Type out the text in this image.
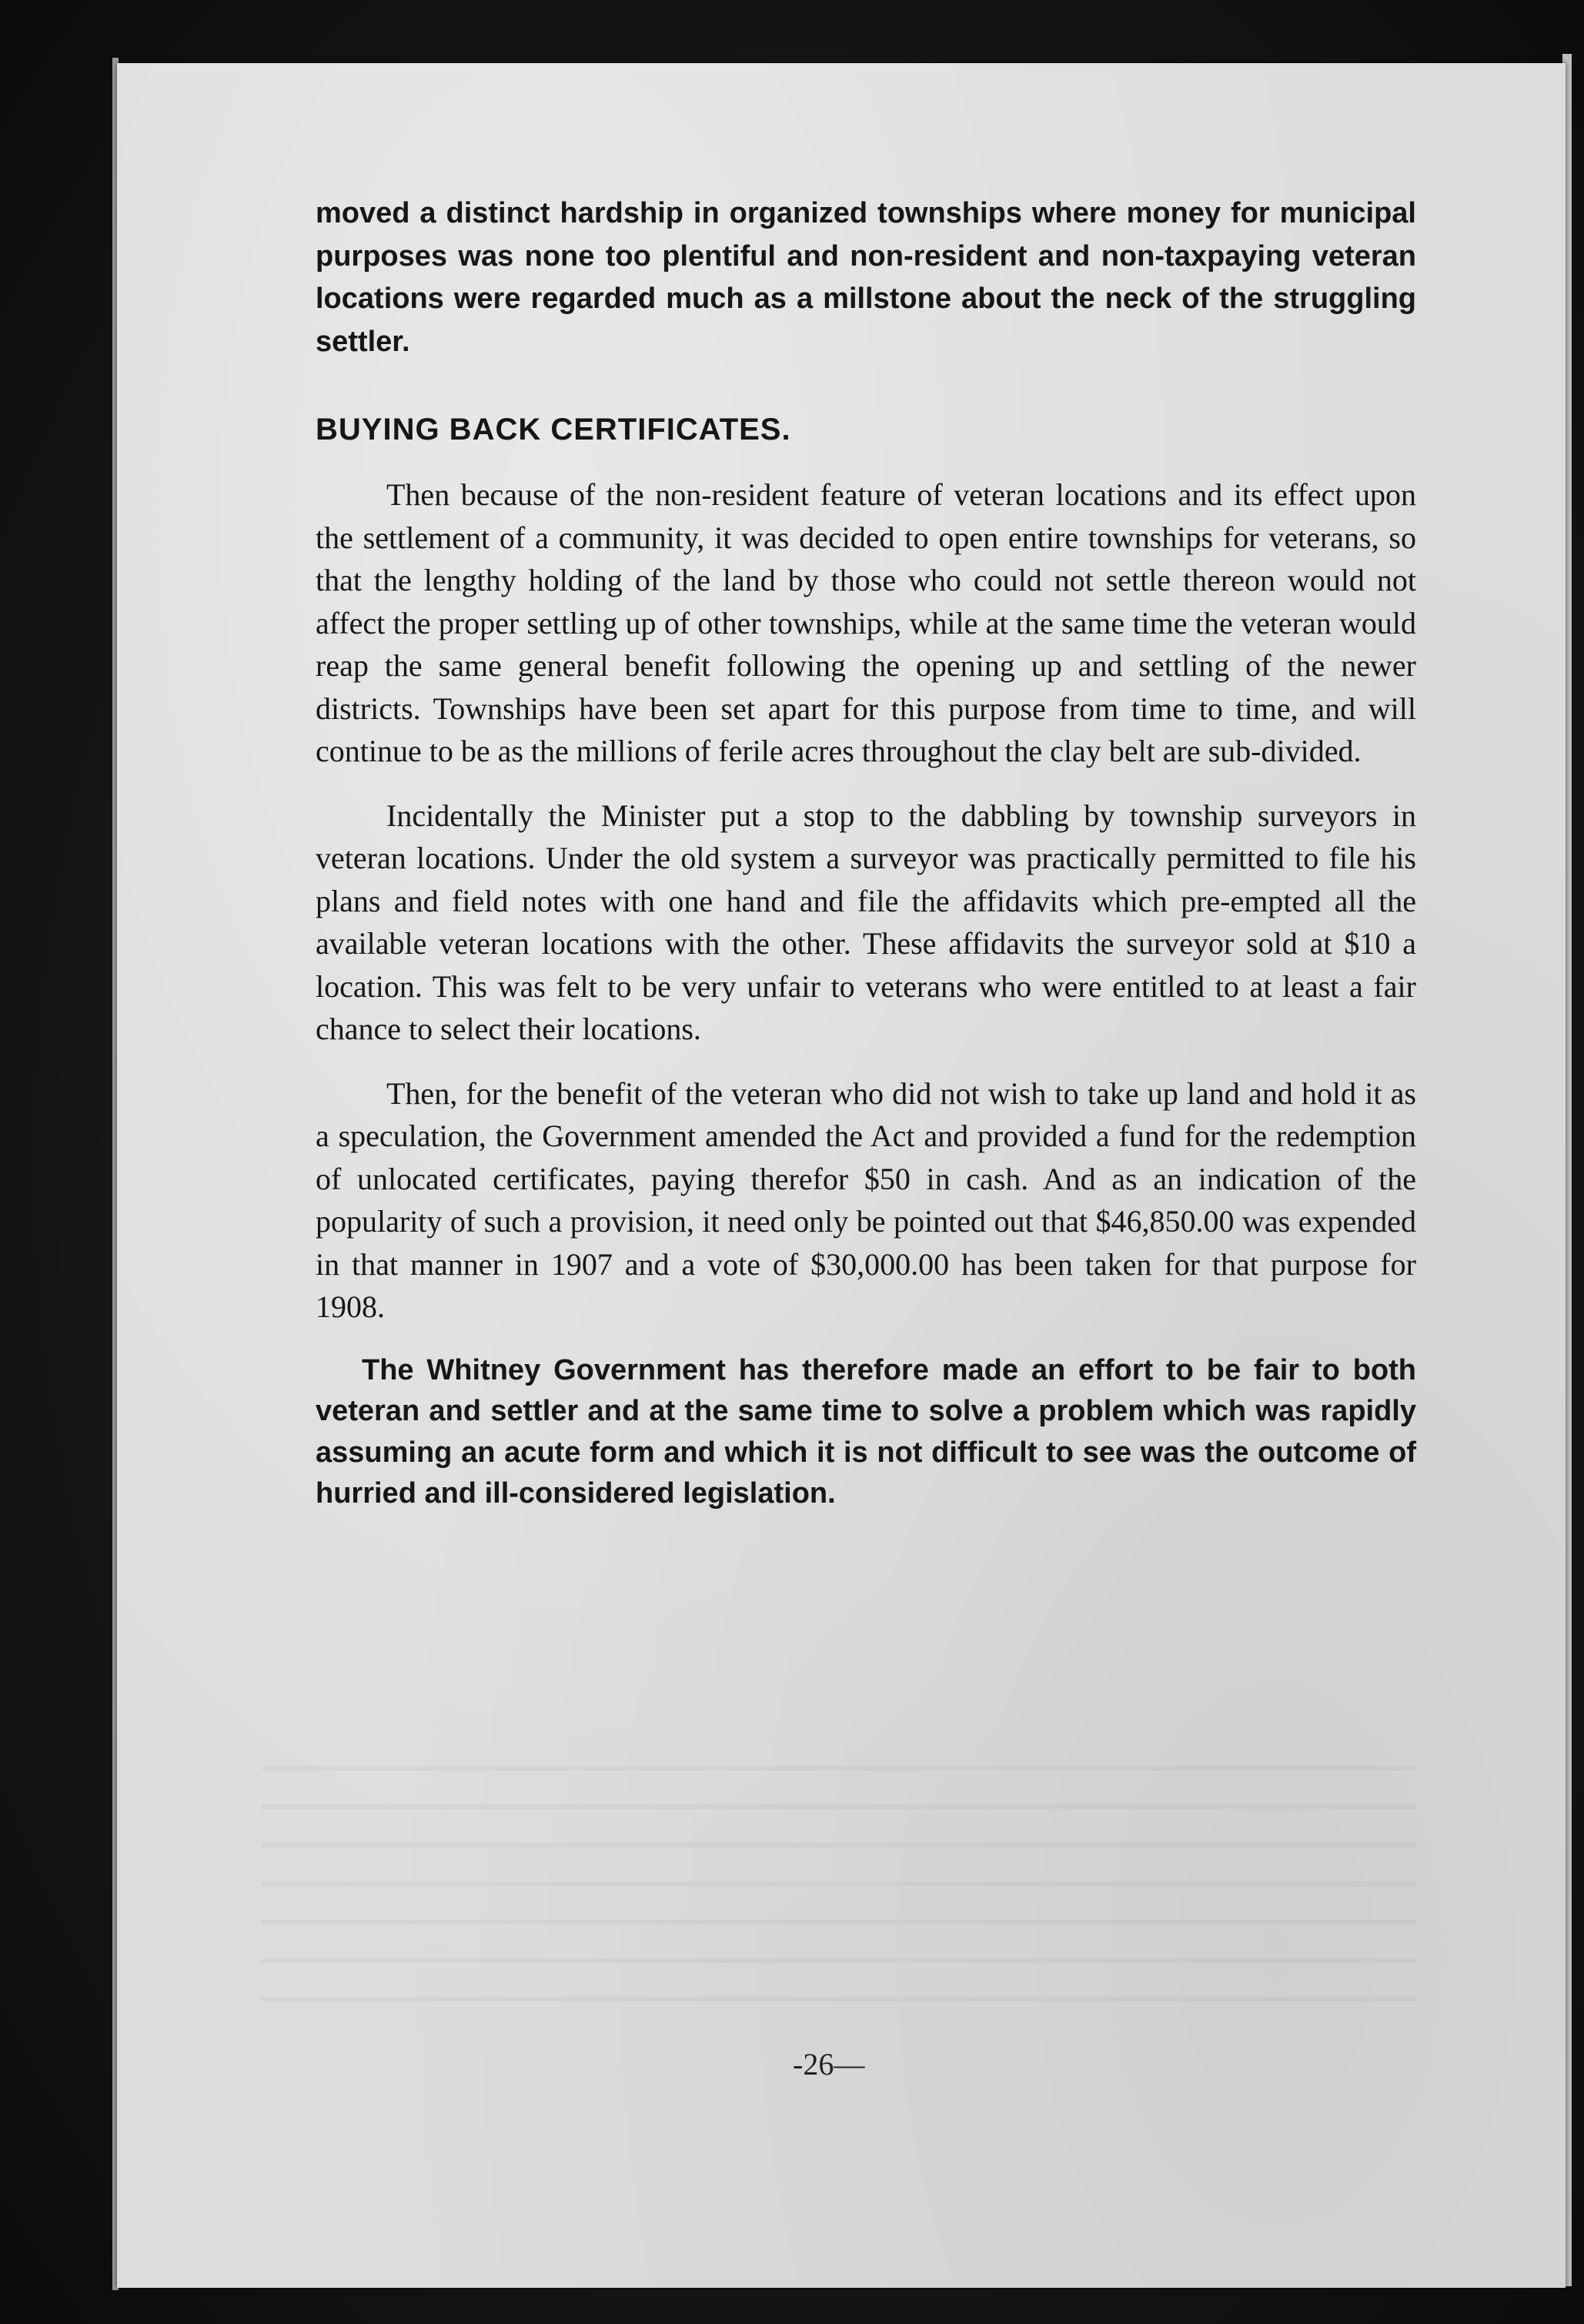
moved a distinct hardship in organized townships where money for municipal purposes was none too plentiful and non-resident and non-taxpaying veteran locations were regarded much as a millstone about the neck of the struggling settler.

BUYING BACK CERTIFICATES.

Then because of the non-resident feature of veteran locations and its effect upon the settlement of a community, it was decided to open entire townships for veterans, so that the lengthy holding of the land by those who could not settle thereon would not affect the proper settling up of other townships, while at the same time the veteran would reap the same general benefit following the opening up and settling of the newer districts. Townships have been set apart for this purpose from time to time, and will continue to be as the millions of ferile acres throughout the clay belt are sub-divided.

Incidentally the Minister put a stop to the dabbling by township surveyors in veteran locations. Under the old system a surveyor was practically permitted to file his plans and field notes with one hand and file the affidavits which pre-empted all the available veteran locations with the other. These affidavits the surveyor sold at $10 a location. This was felt to be very unfair to veterans who were entitled to at least a fair chance to select their locations.

Then, for the benefit of the veteran who did not wish to take up land and hold it as a speculation, the Government amended the Act and provided a fund for the redemption of unlocated certificates, paying therefor $50 in cash. And as an indication of the popularity of such a provision, it need only be pointed out that $46,850.00 was expended in that manner in 1907 and a vote of $30,000.00 has been taken for that purpose for 1908.

The Whitney Government has therefore made an effort to be fair to both veteran and settler and at the same time to solve a problem which was rapidly assuming an acute form and which it is not difficult to see was the outcome of hurried and ill-considered legislation.

-26—
